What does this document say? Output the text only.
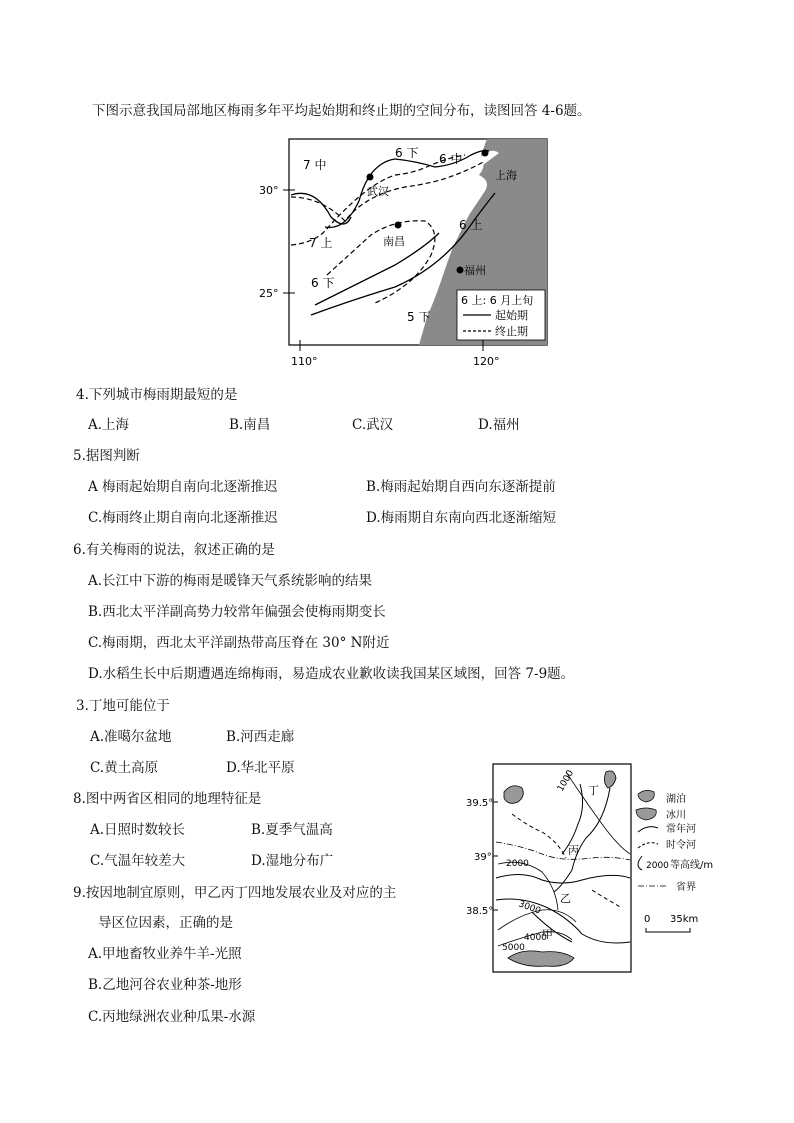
下图示意我国局部地区梅雨多年平均起始期和终止期的空间分布，读图回答 4-6题。
30°
25°
110°	120°
武汉
南昌
上海
福州
7 中
6 下 6 中
7 上
6 上
6 下
5 下
6 上: 6 月上旬
起始期
终止期
4.下列城市梅雨期最短的是
A.上海	B.南昌	C.武汉	D.福州
5.据图判断
A 梅雨起始期自南向北逐渐推迟	B.梅雨起始期自西向东逐渐提前
C.梅雨终止期自南向北逐渐推迟	D.梅雨期自东南向西北逐渐缩短
6.有关梅雨的说法，叙述正确的是
A.长江中下游的梅雨是暖锋天气系统影响的结果
B.西北太平洋副高势力较常年偏强会使梅雨期变长
C.梅雨期，西北太平洋副热带高压脊在 30° N附近
D.水稻生长中后期遭遇连绵梅雨，易造成农业歉收读我国某区域图，回答 7-9题。
3.丁地可能位于
A.准噶尔盆地	B.河西走廊
C.黄土高原	D.华北平原
8.图中两省区相同的地理特征是
A.日照时数较长	B.夏季气温高
C.气温年较差大	D.湿地分布广
9.按因地制宜原则，甲乙丙丁四地发展农业及对应的主
导区位因素，正确的是
A.甲地畜牧业养牛羊-光照
B.乙地河谷农业种茶-地形
C.丙地绿洲农业种瓜果-水源
39.5°
39°
38.5°
1000
2000
3000
4000
5000
丁
丙
乙
甲
湖泊
冰川
常年河
时令河
2000 等高线/m
省界
0 35km
